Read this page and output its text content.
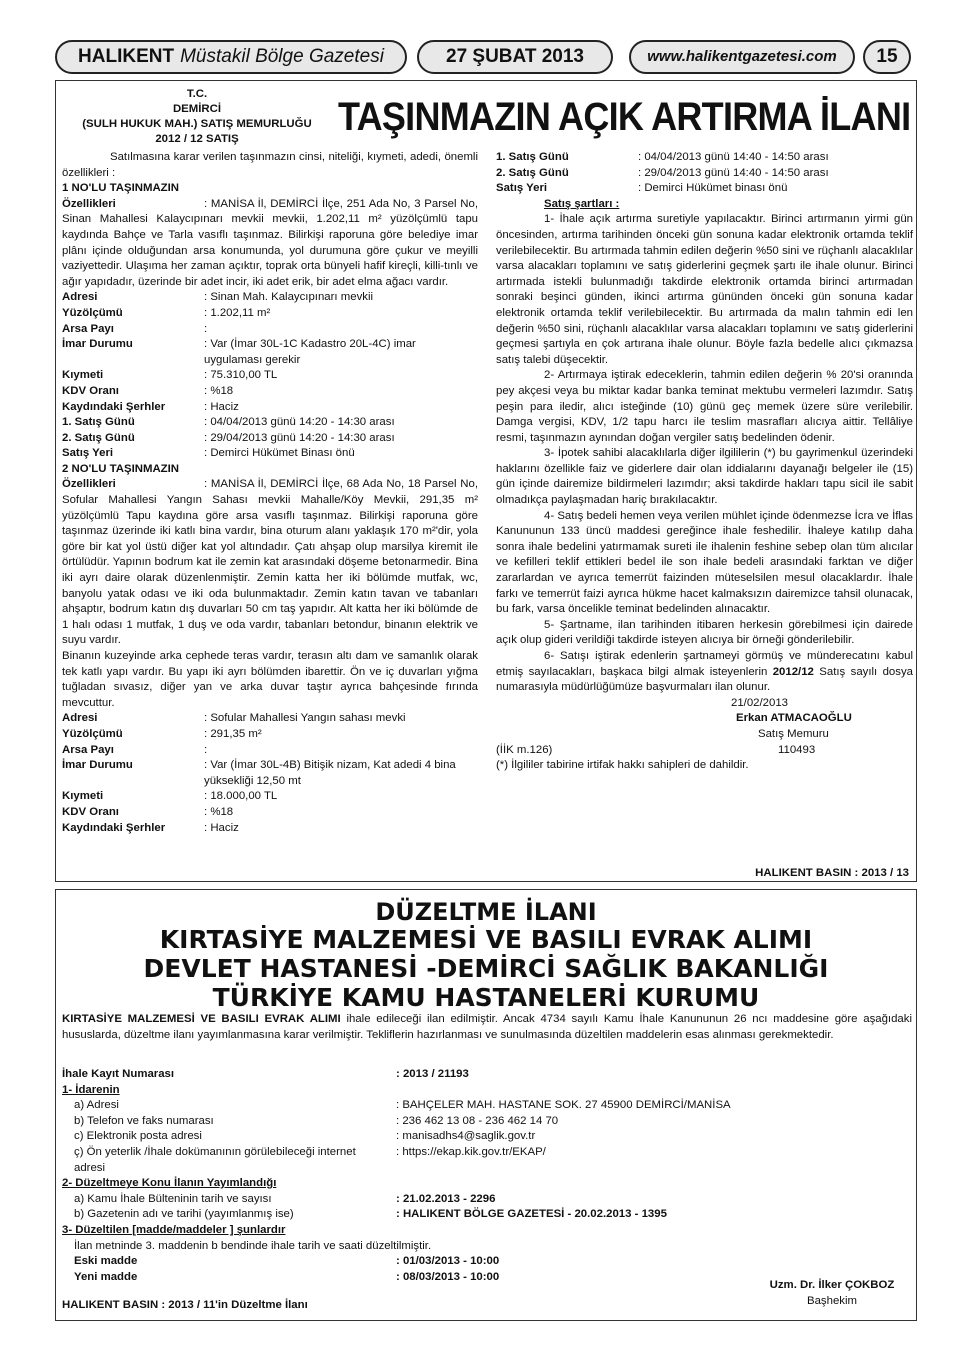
HALIKENT Müstakil Bölge Gazetesi	27 ŞUBAT 2013	www.halikentgazetesi.com	15
T.C.
DEMİRCİ
(SULH HUKUK MAH.) SATIŞ MEMURLUĞU
2012 / 12 SATIŞ	TAŞINMAZIN AÇIK ARTIRMA İLANI

Satılmasına karar verilen taşınmazın cinsi, niteliği, kıymeti, adedi, önemli özellikleri :

1 NO'LU TAŞINMAZIN

Özellikleri	: MANİSA İl, DEMİRCİ İlçe, 251 Ada No, 3 Parsel No, Sinan Mahallesi Kalaycıpınarı mevkii mevkii, 1.202,11 m² yüzölçümlü tapu kaydında Bahçe ve Tarla vasıflı taşınmaz. Bilirkişi raporuna göre belediye imar plânı içinde olduğundan arsa konumunda, yol durumuna göre çukur ve meyilli vaziyettedir. Ulaşıma her zaman açıktır, toprak orta bünyeli hafif kireçli, killi-tınlı ve ağır yapıdadır, üzerinde bir adet incir, iki adet erik, bir adet elma ağacı vardır.

Adresi	: Sinan Mah. Kalaycıpınarı mevkii
Yüzölçümü	: 1.202,11 m²
Arsa Payı	:
İmar Durumu	: Var (İmar 30L-1C Kadastro 20L-4C) imar uygulaması gerekir
Kıymeti	: 75.310,00 TL
KDV Oranı	: %18
Kaydındaki Şerhler	: Haciz
1. Satış Günü	: 04/04/2013 günü 14:20 - 14:30 arası
2. Satış Günü	: 29/04/2013 günü 14:20 - 14:30 arası
Satış Yeri	: Demirci Hükümet Binası önü

2 NO'LU TAŞINMAZIN

Özellikleri	: MANİSA İl, DEMİRCİ İlçe, 68 Ada No, 18 Parsel No, Sofular Mahallesi Yangın Sahası mevkii Mahalle/Köy Mevkii, 291,35 m² yüzölçümlü Tapu kaydına göre arsa vasıflı taşınmaz. Bilirkişi raporuna göre taşınmaz üzerinde iki katlı bina vardır, bina oturum alanı yaklaşık 170 m²'dir, yola göre bir kat yol üstü diğer kat yol altındadır. Çatı ahşap olup marsilya kiremit ile örtülüdür. Yapının bodrum kat ile zemin kat arasındaki döşeme betonarmedir. Bina iki ayrı daire olarak düzenlenmiştir. Zemin katta her iki bölümde mutfak, wc, banyolu yatak odası ve iki oda bulunmaktadır. Zemin katın tavan ve tabanları ahşaptır, bodrum katın dış duvarları 50 cm taş yapıdır. Alt katta her iki bölümde de 1 halı odası 1 mutfak, 1 duş ve oda vardır, tabanları betondur, binanın elektrik ve suyu vardır.

Binanın kuzeyinde arka cephede teras vardır, terasın altı dam ve samanlık olarak tek katlı yapı vardır. Bu yapı iki ayrı bölümden ibarettir. Ön ve iç duvarları yığma tuğladan sıvasız, diğer yan ve arka duvar taştır ayrıca bahçesinde fırında mevcuttur.

Adresi	: Sofular Mahallesi Yangın sahası mevki
Yüzölçümü	: 291,35 m²
Arsa Payı	:
İmar Durumu	: Var (İmar 30L-4B) Bitişik nizam, Kat adedi 4 bina yüksekliği 12,50 mt
Kıymeti	: 18.000,00 TL
KDV Oranı	: %18
Kaydındaki Şerhler	: Haciz
1. Satış Günü	: 04/04/2013 günü 14:40 - 14:50 arası
2. Satış Günü	: 29/04/2013 günü 14:40 - 14:50 arası
Satış Yeri	: Demirci Hükümet binası önü

Satış şartları :

1- İhale açık artırma suretiyle yapılacaktır. Birinci artırmanın yirmi gün öncesinden, artırma tarihinden önceki gün sonuna kadar elektronik ortamda teklif verilebilecektir. Bu artırmada tahmin edilen değerin %50 sini ve rüçhanlı alacaklılar varsa alacakları toplamını ve satış giderlerini geçmek şartı ile ihale olunur. Birinci artırmada istekli bulunmadığı takdirde elektronik ortamda birinci artırmadan sonraki beşinci günden, ikinci artırma gününden önceki gün sonuna kadar elektronik ortamda teklif verilebilecektir. Bu artırmada da malın tahmin edi len değerin %50 sini, rüçhanlı alacaklılar varsa alacakları toplamını ve satış giderlerini geçmesi şartıyla en çok artırana ihale olunur. Böyle fazla bedelle alıcı çıkmazsa satış talebi düşecektir.

2- Artırmaya iştirak edeceklerin, tahmin edilen değerin % 20'si oranında pey akçesi veya bu miktar kadar banka teminat mektubu vermeleri lazımdır. Satış peşin para iledir, alıcı isteğinde (10) günü geç memek üzere süre verilebilir. Damga vergisi, KDV, 1/2 tapu harcı ile teslim masrafları alıcıya aittir. Tellâliye resmi, taşınmazın aynından doğan vergiler satış bedelinden ödenir.

3- İpotek sahibi alacaklılarla diğer ilgililerin (*) bu gayrimenkul üzerindeki haklarını özellikle faiz ve giderlere dair olan iddialarını dayanağı belgeler ile (15) gün içinde dairemize bildirmeleri lazımdır; aksi takdirde hakları tapu sicil ile sabit olmadıkça paylaşmadan hariç bırakılacaktır.

4- Satış bedeli hemen veya verilen mühlet içinde ödenmezse İcra ve İflas Kanununun 133 üncü maddesi gereğince ihale feshedilir. İhaleye katılıp daha sonra ihale bedelini yatırmamak sureti ile ihalenin feshine sebep olan tüm alıcılar ve kefilleri teklif ettikleri bedel ile son ihale bedeli arasındaki farktan ve diğer zararlardan ve ayrıca temerrüt faizinden müteselsilen mesul olacaklardır. İhale farkı ve temerrüt faizi ayrıca hükme hacet kalmaksızın dairemizce tahsil olunacak, bu fark, varsa öncelikle teminat bedelinden alınacaktır.

5- Şartname, ilan tarihinden itibaren herkesin görebilmesi için dairede açık olup gideri verildiği takdirde isteyen alıcıya bir örneği gönderilebilir.

6- Satışı iştirak edenlerin şartnameyi görmüş ve münderecatını kabul etmiş sayılacakları, başkaca bilgi almak isteyenlerin 2012/12 Satış sayılı dosya numarasıyla müdürlüğümüze başvurmaları ilan olunur.

21/02/2013
Erkan ATMACAOĞLU
Satış Memuru
(İİK m.126)	110493
(*) İlgililer tabirine irtifak hakkı sahipleri de dahildir.
HALIKENT BASIN : 2013 / 13
DÜZELTME İLANI
KIRTASİYE MALZEMESİ VE BASILI EVRAK ALIMI
DEVLET HASTANESİ -DEMİRCİ SAĞLIK BAKANLIĞI
TÜRKİYE KAMU HASTANELERİ KURUMU
KIRTASİYE MALZEMESİ VE BASILI EVRAK ALIMI ihale edileceği ilan edilmiştir. Ancak 4734 sayılı Kamu İhale Kanununun 26 ncı maddesine göre aşağıdaki hususlarda, düzeltme ilanı yayımlanmasına karar verilmiştir. Tekliflerin hazırlanması ve sunulmasında düzeltilen maddelerin esas alınması gerekmektedir.
İhale Kayıt Numarası	: 2013 / 21193
1- İdarenin
a) Adresi	: BAHÇELER MAH. HASTANE SOK. 27 45900 DEMİRCİ/MANİSA
b) Telefon ve faks numarası	: 236 462 13 08 - 236 462 14 70
c) Elektronik posta adresi	: manisadhs4@saglik.gov.tr
ç) Ön yeterlik /İhale dokümanının görülebileceği internet adresi
: https://ekap.kik.gov.tr/EKAP/
2- Düzeltmeye Konu İlanın Yayımlandığı
a) Kamu İhale Bülteninin tarih ve sayısı	: 21.02.2013 - 2296
b) Gazetenin adı ve tarihi (yayımlanmış ise)	: HALIKENT BÖLGE GAZETESİ - 20.02.2013 - 1395
3- Düzeltilen [madde/maddeler ] şunlardır
İlan metninde 3. maddenin b bendinde ihale tarih ve saati düzeltilmiştir.
Eski madde	: 01/03/2013 - 10:00
Yeni madde	: 08/03/2013 - 10:00
Uzm. Dr. İlker ÇOKBOZ
Başhekim
HALIKENT BASIN : 2013 / 11'in Düzeltme İlanı
